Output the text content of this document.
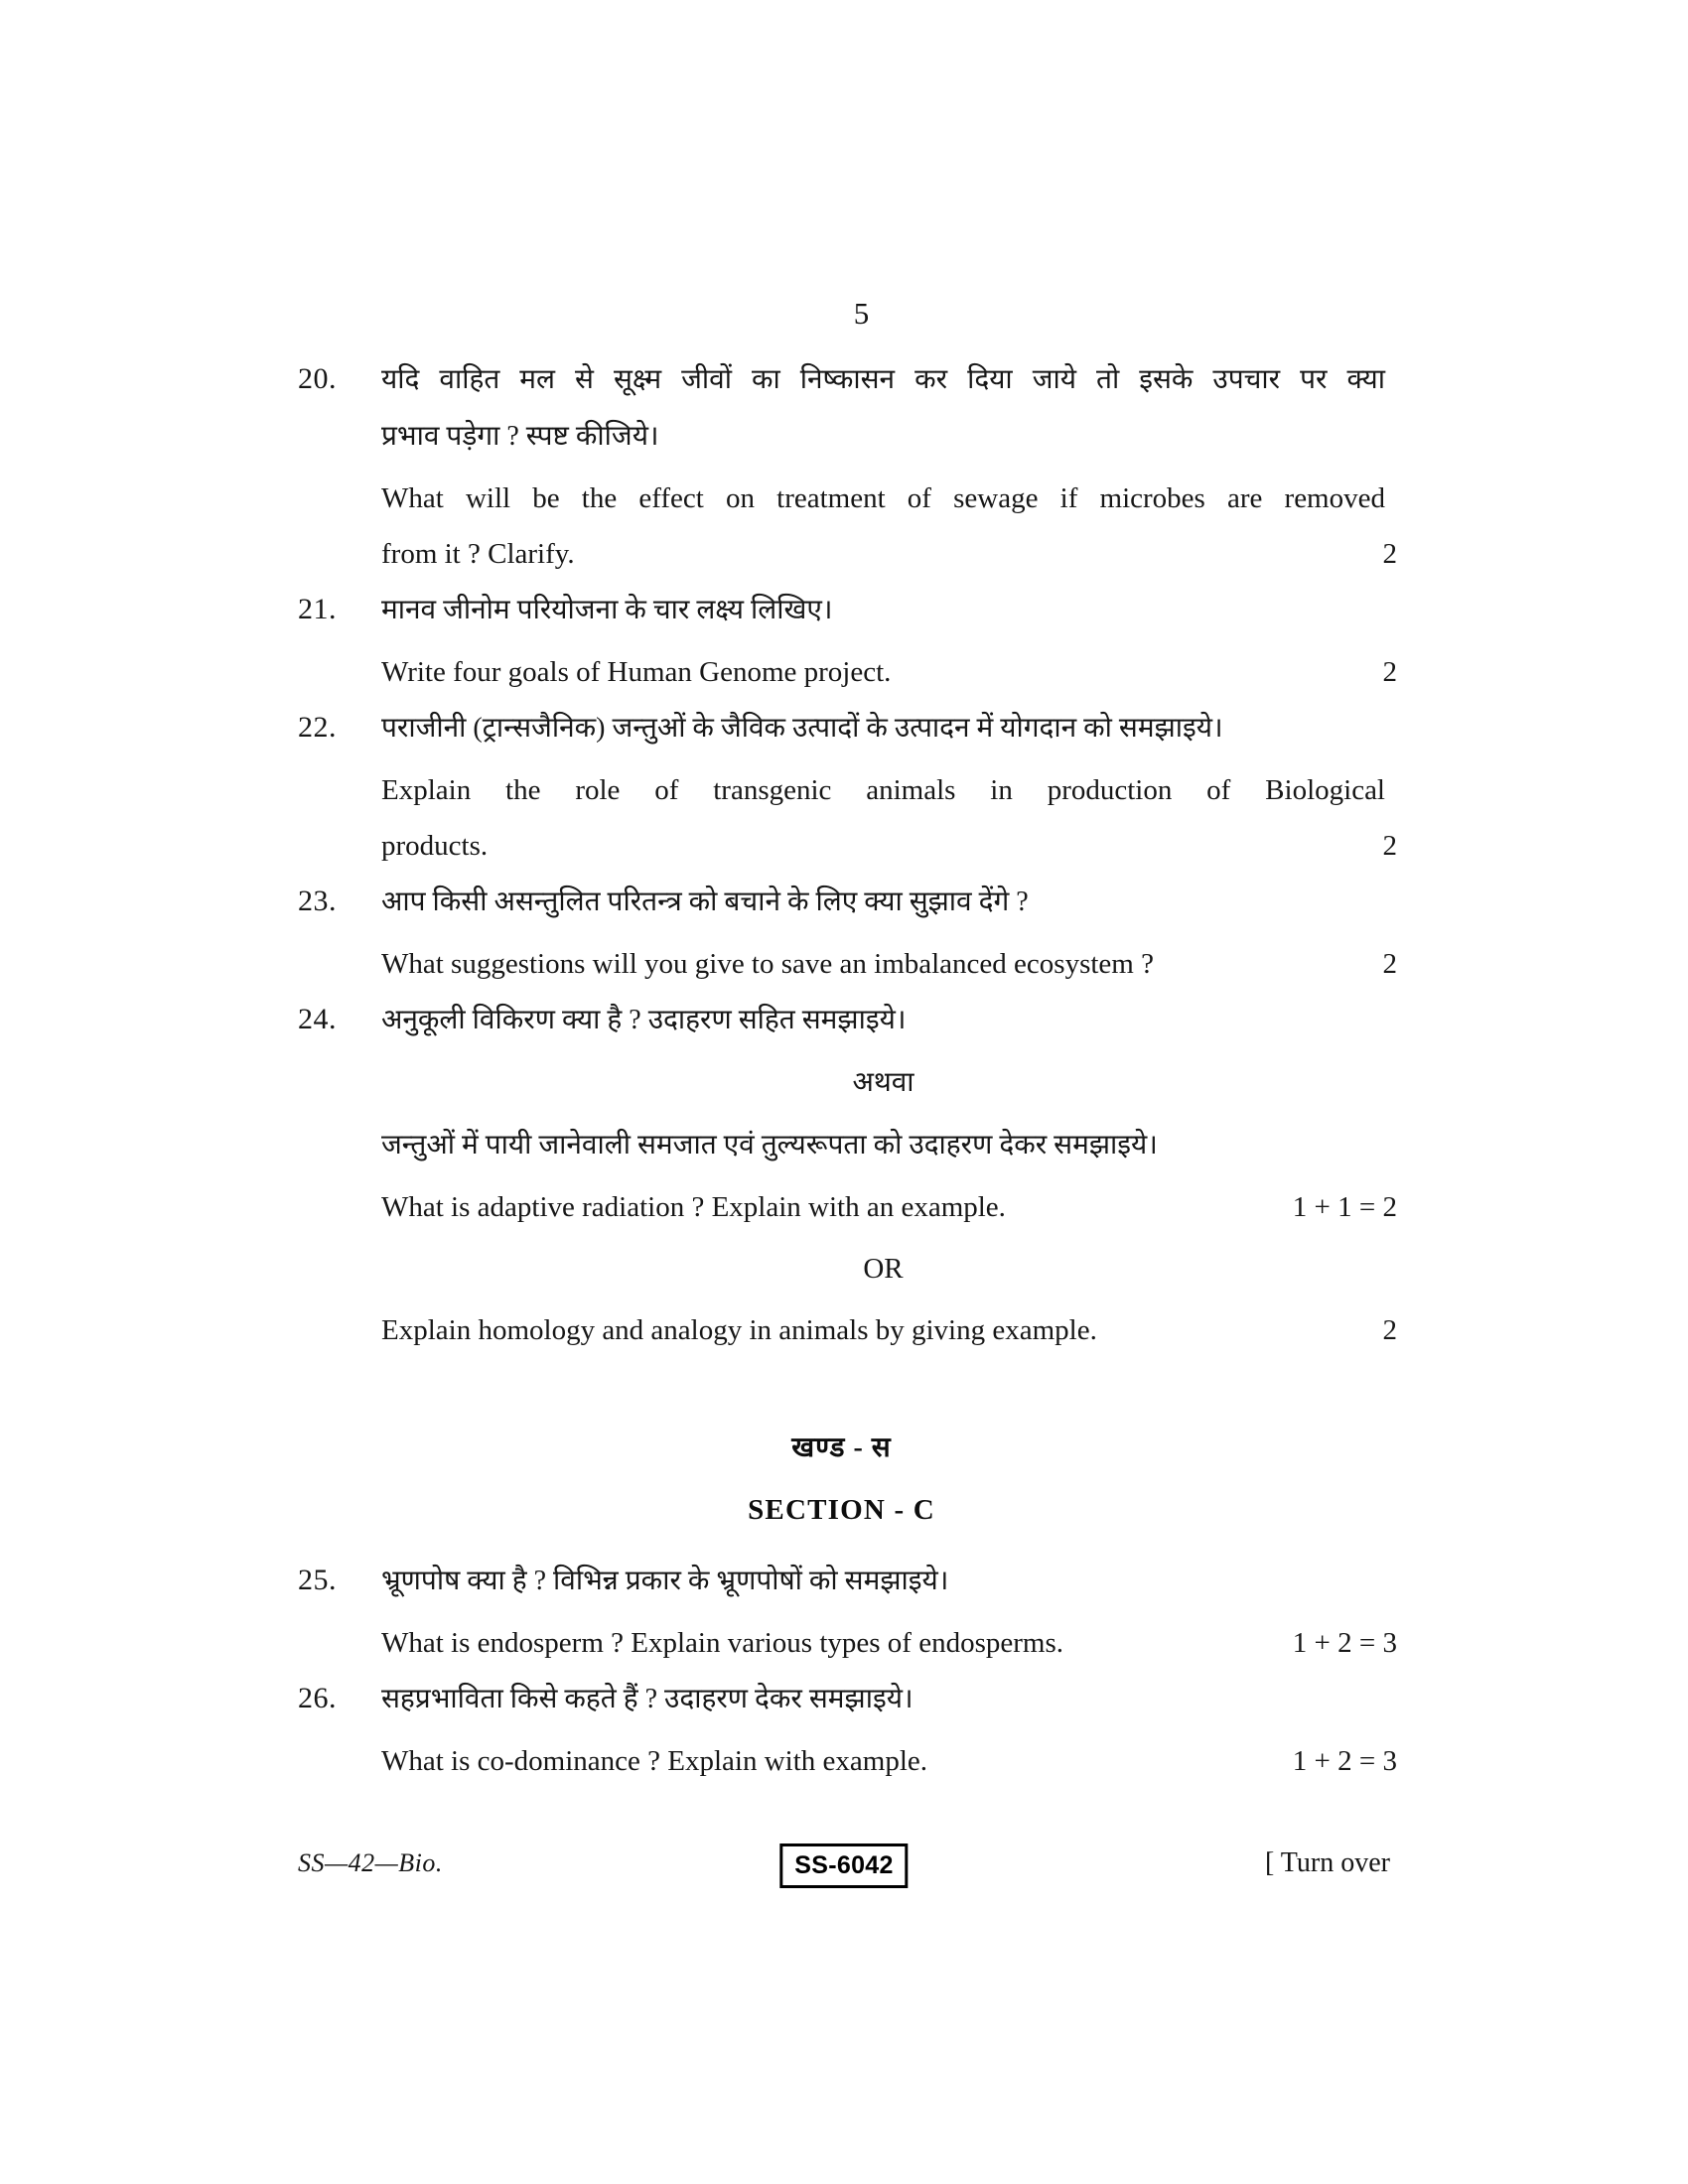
5
20.	यदि वाहित मल से सूक्ष्म जीवों का निष्कासन कर दिया जाये तो इसके उपचार पर क्या
प्रभाव पड़ेगा ? स्पष्ट कीजिये।
What will be the effect on treatment of sewage if microbes are removed
from it ? Clarify.	2
21.	मानव जीनोम परियोजना के चार लक्ष्य लिखिए।
Write four goals of Human Genome project.	2
22.	पराजीनी (ट्रान्सजैनिक) जन्तुओं के जैविक उत्पादों के उत्पादन में योगदान को समझाइये।
Explain the role of transgenic animals in production of Biological
products.	2
23.	आप किसी असन्तुलित परितन्त्र को बचाने के लिए क्या सुझाव देंगे ?
What suggestions will you give to save an imbalanced ecosystem ?	2
24.	अनुकूली विकिरण क्या है ? उदाहरण सहित समझाइये।
अथवा
जन्तुओं में पायी जानेवाली समजात एवं तुल्यरूपता को उदाहरण देकर समझाइये।
What is adaptive radiation ? Explain with an example.	1 + 1 = 2
OR
Explain homology and analogy in animals by giving example.	2
खण्ड - स
SECTION - C
25.	भ्रूणपोष क्या है ? विभिन्न प्रकार के भ्रूणपोषों को समझाइये।
What is endosperm ? Explain various types of endosperms.	1 + 2 = 3
26.	सहप्रभाविता किसे कहते हैं ? उदाहरण देकर समझाइये।
What is co-dominance ? Explain with example.	1 + 2 = 3
SS—42—Bio.	SS-6042	[ Turn over
